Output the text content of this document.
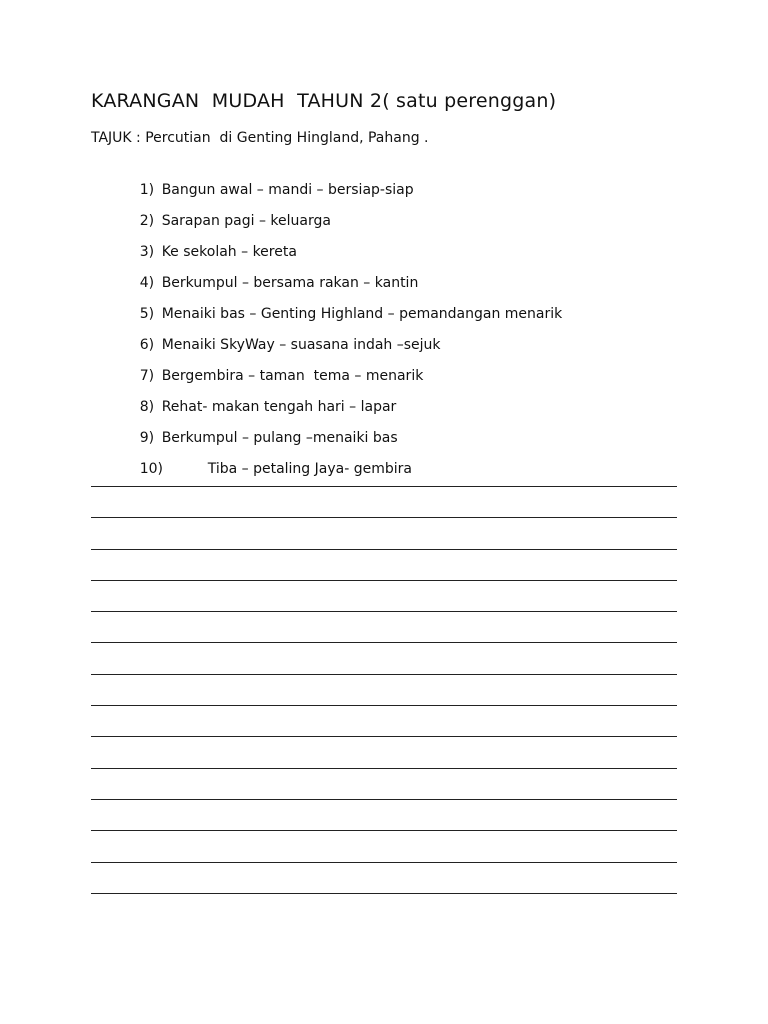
KARANGAN  MUDAH  TAHUN 2( satu perenggan)
TAJUK : Percutian  di Genting Hingland, Pahang .

1) Bangun awal – mandi – bersiap-siap

2) Sarapan pagi – keluarga

3) Ke sekolah – kereta

4) Berkumpul – bersama rakan – kantin

5) Menaiki bas – Genting Highland – pemandangan menarik

6) Menaiki SkyWay – suasana indah –sejuk

7) Bergembira – taman  tema – menarik

8) Rehat- makan tengah hari – lapar

9) Berkumpul – pulang –menaiki bas

10)	Tiba – petaling Jaya- gembira
